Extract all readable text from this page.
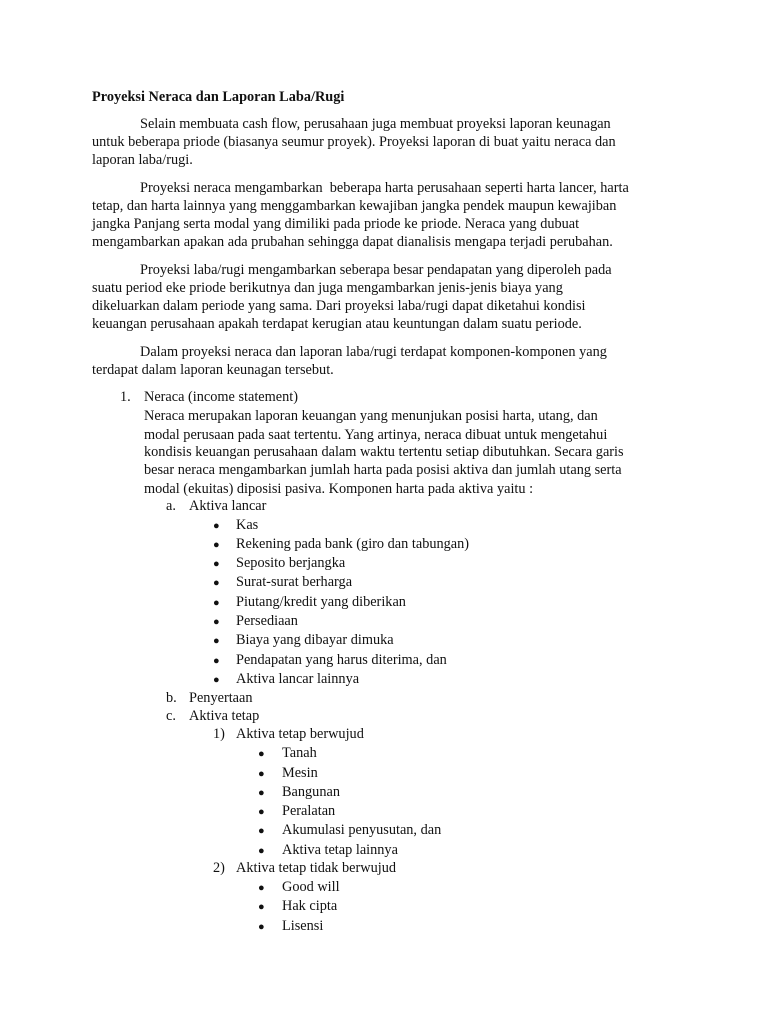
Proyeksi Neraca dan Laporan Laba/Rugi
Selain membuata cash flow, perusahaan juga membuat proyeksi laporan keunagan
untuk beberapa priode (biasanya seumur proyek). Proyeksi laporan di buat yaitu neraca dan
laporan laba/rugi.
Proyeksi neraca mengambarkan  beberapa harta perusahaan seperti harta lancer, harta
tetap, dan harta lainnya yang menggambarkan kewajiban jangka pendek maupun kewajiban
jangka Panjang serta modal yang dimiliki pada priode ke priode. Neraca yang dubuat
mengambarkan apakan ada prubahan sehingga dapat dianalisis mengapa terjadi perubahan.
Proyeksi laba/rugi mengambarkan seberapa besar pendapatan yang diperoleh pada
suatu period eke priode berikutnya dan juga mengambarkan jenis-jenis biaya yang
dikeluarkan dalam periode yang sama. Dari proyeksi laba/rugi dapat diketahui kondisi
keuangan perusahaan apakah terdapat kerugian atau keuntungan dalam suatu periode.
Dalam proyeksi neraca dan laporan laba/rugi terdapat komponen-komponen yang
terdapat dalam laporan keunagan tersebut.
1. Neraca (income statement)
Neraca merupakan laporan keuangan yang menunjukan posisi harta, utang, dan
modal perusaan pada saat tertentu. Yang artinya, neraca dibuat untuk mengetahui
kondisis keuangan perusahaan dalam waktu tertentu setiap dibutuhkan. Secara garis
besar neraca mengambarkan jumlah harta pada posisi aktiva dan jumlah utang serta
modal (ekuitas) diposisi pasiva. Komponen harta pada aktiva yaitu :
a. Aktiva lancar
● Kas
● Rekening pada bank (giro dan tabungan)
● Seposito berjangka
● Surat-surat berharga
● Piutang/kredit yang diberikan
● Persediaan
● Biaya yang dibayar dimuka
● Pendapatan yang harus diterima, dan
● Aktiva lancar lainnya
b. Penyertaan
c. Aktiva tetap
1) Aktiva tetap berwujud
● Tanah
● Mesin
● Bangunan
● Peralatan
● Akumulasi penyusutan, dan
● Aktiva tetap lainnya
2) Aktiva tetap tidak berwujud
● Good will
● Hak cipta
● Lisensi
